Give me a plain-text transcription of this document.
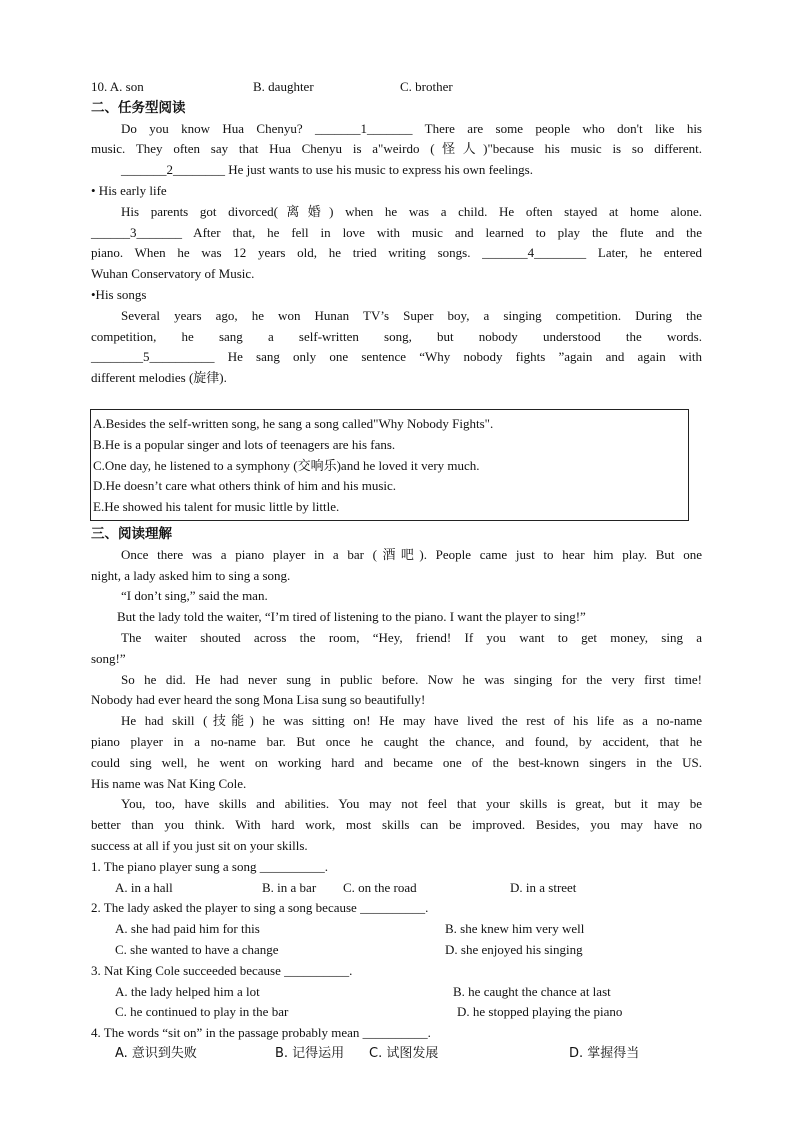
10. A. son	B. daughter	C. brother
二、任务型阅读
Do you know Hua Chenyu? _______1_______ There are some people who don't like his
music. They often say that Hua Chenyu is a"weirdo (怪人)"because his music is so different.
_______2________ He just wants to use his music to express his own feelings.
• His early life
His parents got divorced(离婚) when he was a child. He often stayed at home alone.
______3_______ After that, he fell in love with music and learned to play the flute and the
piano. When he was 12 years old, he tried writing songs. _______4________ Later, he entered
Wuhan Conservatory of Music.
•His songs
Several years ago, he won Hunan TV’s Super boy, a singing competition. During the
competition, he sang a self-written song, but nobody understood the words.
________5__________ He sang only one sentence “Why nobody fights ”again and again with
different melodies (旋律).
A.Besides the self-written song, he sang a song called"Why Nobody Fights".
B.He is a popular singer and lots of teenagers are his fans.
C.One day, he listened to a symphony (交响乐)and he loved it very much.
D.He doesn’t care what others think of him and his music.
E.He showed his talent for music little by little.
三、阅读理解
Once there was a piano player in a bar (酒吧). People came just to hear him play. But one
night, a lady asked him to sing a song.
“I don’t sing,” said the man.
But the lady told the waiter, “I’m tired of listening to the piano. I want the player to sing!”
The waiter shouted across the room, “Hey, friend! If you want to get money, sing a
song!”
So he did. He had never sung in public before. Now he was singing for the very first time!
Nobody had ever heard the song Mona Lisa sung so beautifully!
He had skill (技能) he was sitting on! He may have lived the rest of his life as a no-name
piano player in a no-name bar. But once he caught the chance, and found, by accident, that he
could sing well, he went on working hard and became one of the best-known singers in the US.
His name was Nat King Cole.
You, too, have skills and abilities. You may not feel that your skills is great, but it may be
better than you think. With hard work, most skills can be improved. Besides, you may have no
success at all if you just sit on your skills.
1. The piano player sung a song __________.
A. in a hall	B. in a bar	C. on the road	D. in a street
2. The lady asked the player to sing a song because __________.
A. she had paid him for this	B. she knew him very well
C. she wanted to have a change	D. she enjoyed his singing
3. Nat King Cole succeeded because __________.
A. the lady helped him a lot	B. he caught the chance at last
C. he continued to play in the bar	D. he stopped playing the piano
4. The words “sit on” in the passage probably mean __________.
A. 意识到失败	B. 记得运用	C. 试图发展	D. 掌握得当
